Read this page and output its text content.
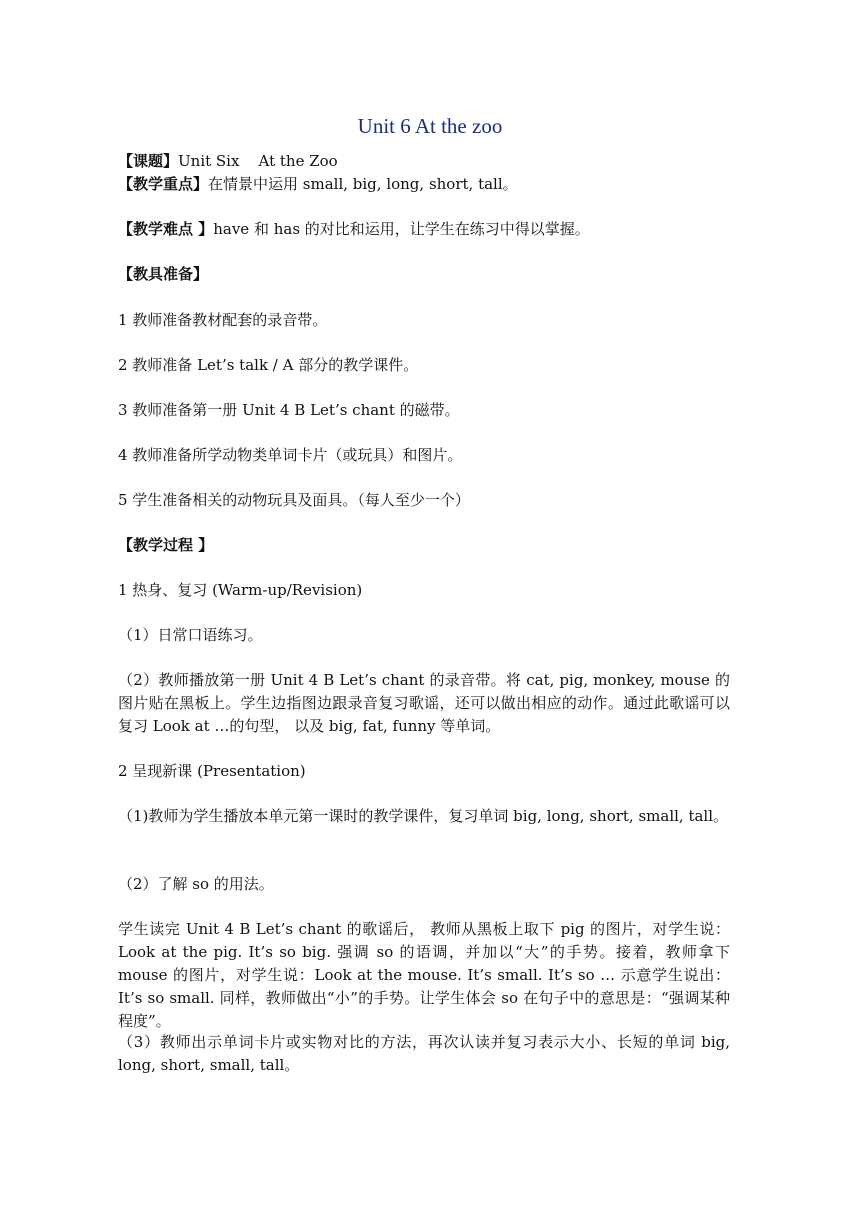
Unit 6 At the zoo
【课题】Unit Six    At the Zoo
【教学重点】在情景中运用 small, big, long, short, tall。
【教学难点 】have 和 has 的对比和运用，让学生在练习中得以掌握。
【教具准备】
1 教师准备教材配套的录音带。
2 教师准备 Let’s talk / A 部分的教学课件。
3 教师准备第一册 Unit 4 B Let’s chant 的磁带。
4 教师准备所学动物类单词卡片（或玩具）和图片。
5 学生准备相关的动物玩具及面具。（每人至少一个）
【教学过程 】
1 热身、复习 (Warm-up/Revision)
（1）日常口语练习。
（2）教师播放第一册 Unit 4 B Let’s chant 的录音带。将 cat, pig, monkey, mouse 的图片贴在黑板上。学生边指图边跟录音复习歌谣，还可以做出相应的动作。通过此歌谣可以复习 Look at …的句型， 以及 big, fat, funny 等单词。
2 呈现新课 (Presentation)
（1)教师为学生播放本单元第一课时的教学课件，复习单词 big, long, short, small, tall。
（2）了解 so 的用法。
学生读完 Unit 4 B Let’s chant 的歌谣后， 教师从黑板上取下 pig 的图片，对学生说：Look at the pig. It’s so big. 强调 so 的语调，并加以“大”的手势。接着，教师拿下 mouse 的图片，对学生说：Look at the mouse. It’s small. It’s so … 示意学生说出：It’s so small. 同样，教师做出“小”的手势。让学生体会 so 在句子中的意思是：“强调某种程度”。
（3）教师出示单词卡片或实物对比的方法，再次认读并复习表示大小、长短的单词 big, long, short, small, tall。
